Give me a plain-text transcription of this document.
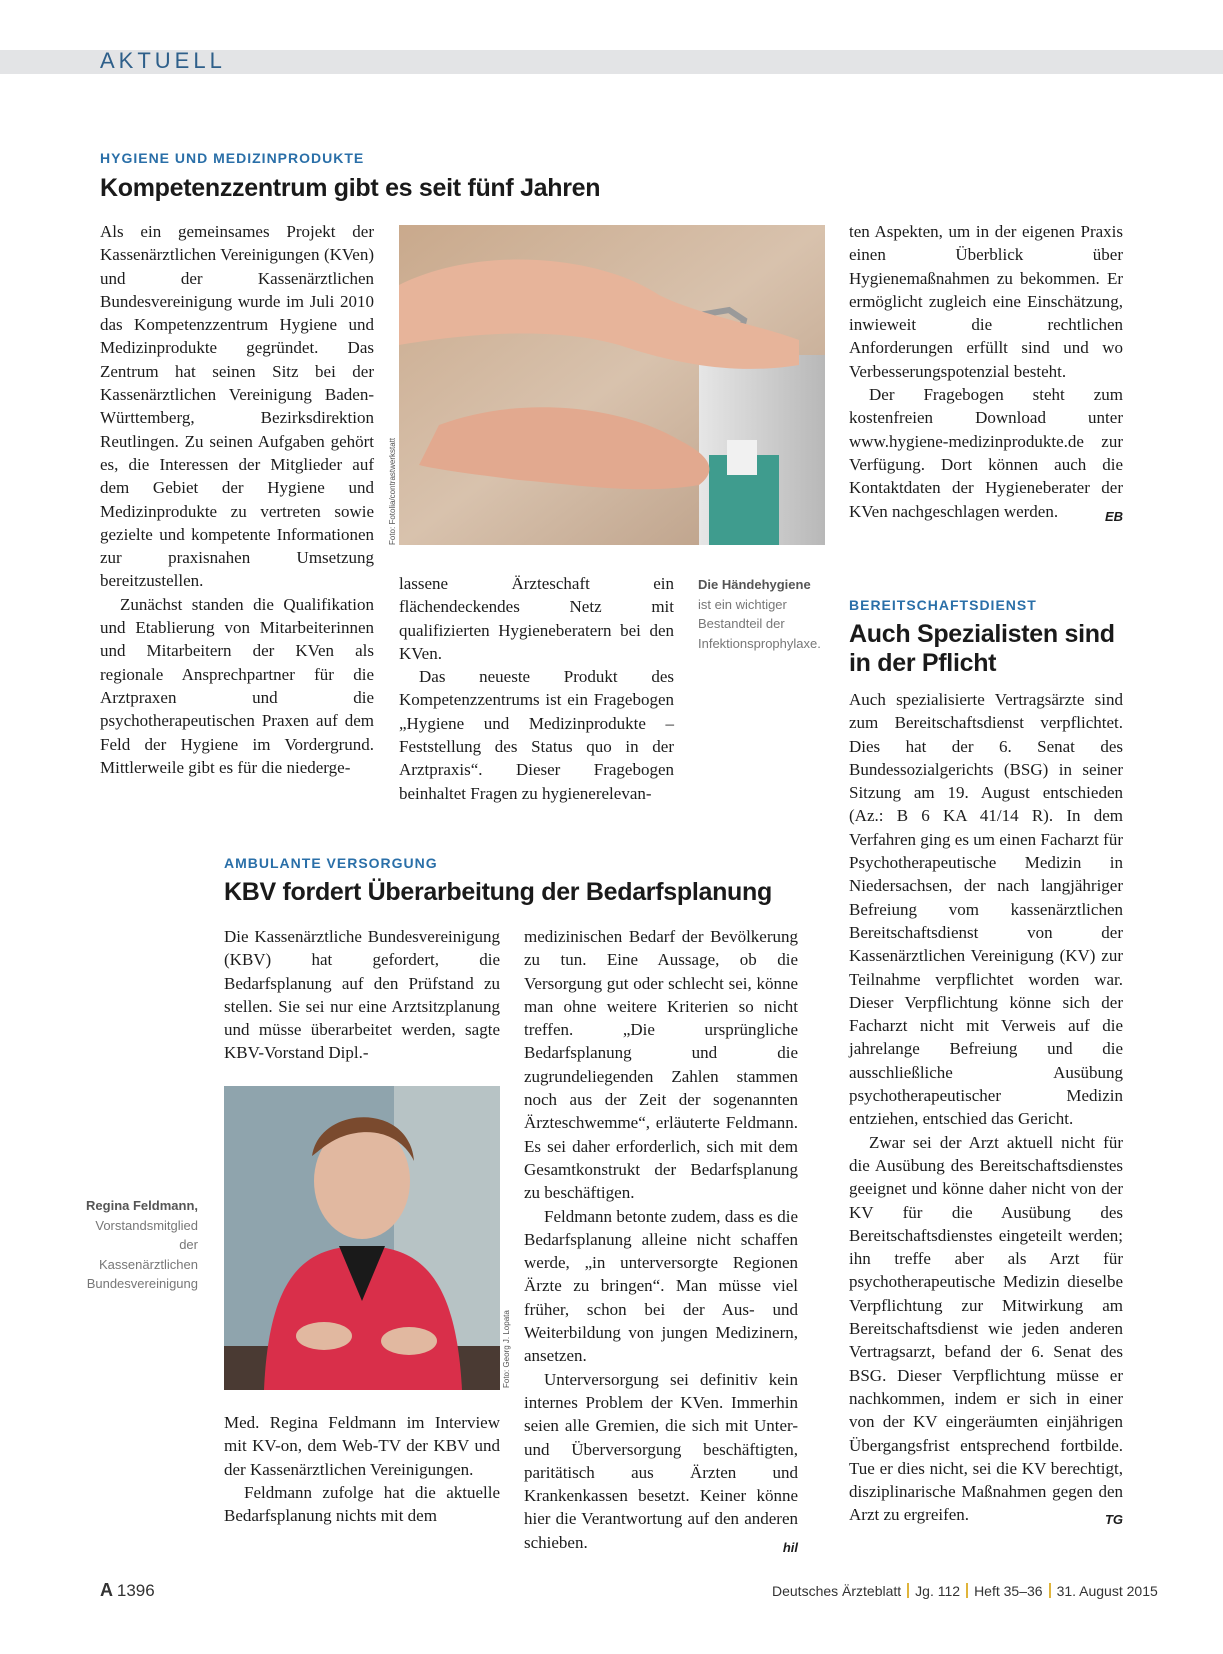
AKTUELL
HYGIENE UND MEDIZINPRODUKTE
Kompetenzzentrum gibt es seit fünf Jahren

Als ein gemeinsames Projekt der Kassenärztlichen Vereinigungen (KVen) und der Kassenärztlichen Bundesvereinigung wurde im Juli 2010 das Kompetenzzentrum Hygiene und Medizinprodukte gegründet. Das Zentrum hat seinen Sitz bei der Kassenärztlichen Vereinigung Baden-Württemberg, Bezirksdirektion Reutlingen. Zu seinen Aufgaben gehört es, die Interessen der Mitglieder auf dem Gebiet der Hygiene und Medizinprodukte zu vertreten sowie gezielte und kompetente Informationen zur praxisnahen Umsetzung bereitzustellen.

Zunächst standen die Qualifikation und Etablierung von Mitarbeiterinnen und Mitarbeitern der KVen als regionale Ansprechpartner für die Arztpraxen und die psychotherapeutischen Praxen auf dem Feld der Hygiene im Vordergrund. Mittlerweile gibt es für die niederge-

Foto: Fotolia/contrastwerkstatt

lassene Ärzteschaft ein flächendeckendes Netz mit qualifizierten Hygieneberatern bei den KVen.

Das neueste Produkt des Kompetenzzentrums ist ein Fragebogen „Hygiene und Medizinprodukte – Feststellung des Status quo in der Arztpraxis“. Dieser Fragebogen beinhaltet Fragen zu hygienerelevan-

Die Händehygiene
ist ein wichtiger Bestandteil der Infektionsprophylaxe.

ten Aspekten, um in der eigenen Praxis einen Überblick über Hygienemaßnahmen zu bekommen. Er ermöglicht zugleich eine Einschätzung, inwieweit die rechtlichen Anforderungen erfüllt sind und wo Verbesserungspotenzial besteht.

Der Fragebogen steht zum kostenfreien Download unter www.hygiene-medizinprodukte.de zur Verfügung. Dort können auch die Kontaktdaten der Hygieneberater der KVen nachgeschlagen werden.	EB

AMBULANTE VERSORGUNG
KBV fordert Überarbeitung der Bedarfsplanung

Die Kassenärztliche Bundesvereinigung (KBV) hat gefordert, die Bedarfsplanung auf den Prüfstand zu stellen. Sie sei nur eine Arztsitzplanung und müsse überarbeitet werden, sagte KBV-Vorstand Dipl.-

Foto: Georg J. Lopata
Regina Feldmann, Vorstandsmitglied der Kassenärztlichen Bundesvereinigung

Med. Regina Feldmann im Interview mit KV-on, dem Web-TV der KBV und der Kassenärztlichen Vereinigungen.

Feldmann zufolge hat die aktuelle Bedarfsplanung nichts mit dem

medizinischen Bedarf der Bevölkerung zu tun. Eine Aussage, ob die Versorgung gut oder schlecht sei, könne man ohne weitere Kriterien so nicht treffen. „Die ursprüngliche Bedarfsplanung und die zugrundeliegenden Zahlen stammen noch aus der Zeit der sogenannten Ärzteschwemme“, erläuterte Feldmann. Es sei daher erforderlich, sich mit dem Gesamtkonstrukt der Bedarfsplanung zu beschäftigen.

Feldmann betonte zudem, dass es die Bedarfsplanung alleine nicht schaffen werde, „in unterversorgte Regionen Ärzte zu bringen“. Man müsse viel früher, schon bei der Aus- und Weiterbildung von jungen Medizinern, ansetzen.

Unterversorgung sei definitiv kein internes Problem der KVen. Immerhin seien alle Gremien, die sich mit Unter- und Überversorgung beschäftigten, paritätisch aus Ärzten und Krankenkassen besetzt. Keiner könne hier die Verantwortung auf den anderen schieben.	hil

BEREITSCHAFTSDIENST
Auch Spezialisten sind
in der Pflicht

Auch spezialisierte Vertragsärzte sind zum Bereitschaftsdienst verpflichtet. Dies hat der 6. Senat des Bundessozialgerichts (BSG) in seiner Sitzung am 19. August entschieden (Az.: B 6 KA 41/14 R). In dem Verfahren ging es um einen Facharzt für Psychotherapeutische Medizin in Niedersachsen, der nach langjähriger Befreiung vom kassenärztlichen Bereitschaftsdienst von der Kassenärztlichen Vereinigung (KV) zur Teilnahme verpflichtet worden war. Dieser Verpflichtung könne sich der Facharzt nicht mit Verweis auf die jahrelange Befreiung und die ausschließliche Ausübung psychotherapeutischer Medizin entziehen, entschied das Gericht.

Zwar sei der Arzt aktuell nicht für die Ausübung des Bereitschaftsdienstes geeignet und könne daher nicht von der KV für die Ausübung des Bereitschaftsdienstes eingeteilt werden; ihn treffe aber als Arzt für psychotherapeutische Medizin dieselbe Verpflichtung zur Mitwirkung am Bereitschaftsdienst wie jeden anderen Vertragsarzt, befand der 6. Senat des BSG. Dieser Verpflichtung müsse er nachkommen, indem er sich in einer von der KV eingeräumten einjährigen Übergangsfrist entsprechend fortbilde. Tue er dies nicht, sei die KV berechtigt, disziplinarische Maßnahmen gegen den Arzt zu ergreifen.	TG

A 1396	Deutsches Ärzteblatt Jg. 112 Heft 35–36 31. August 2015
